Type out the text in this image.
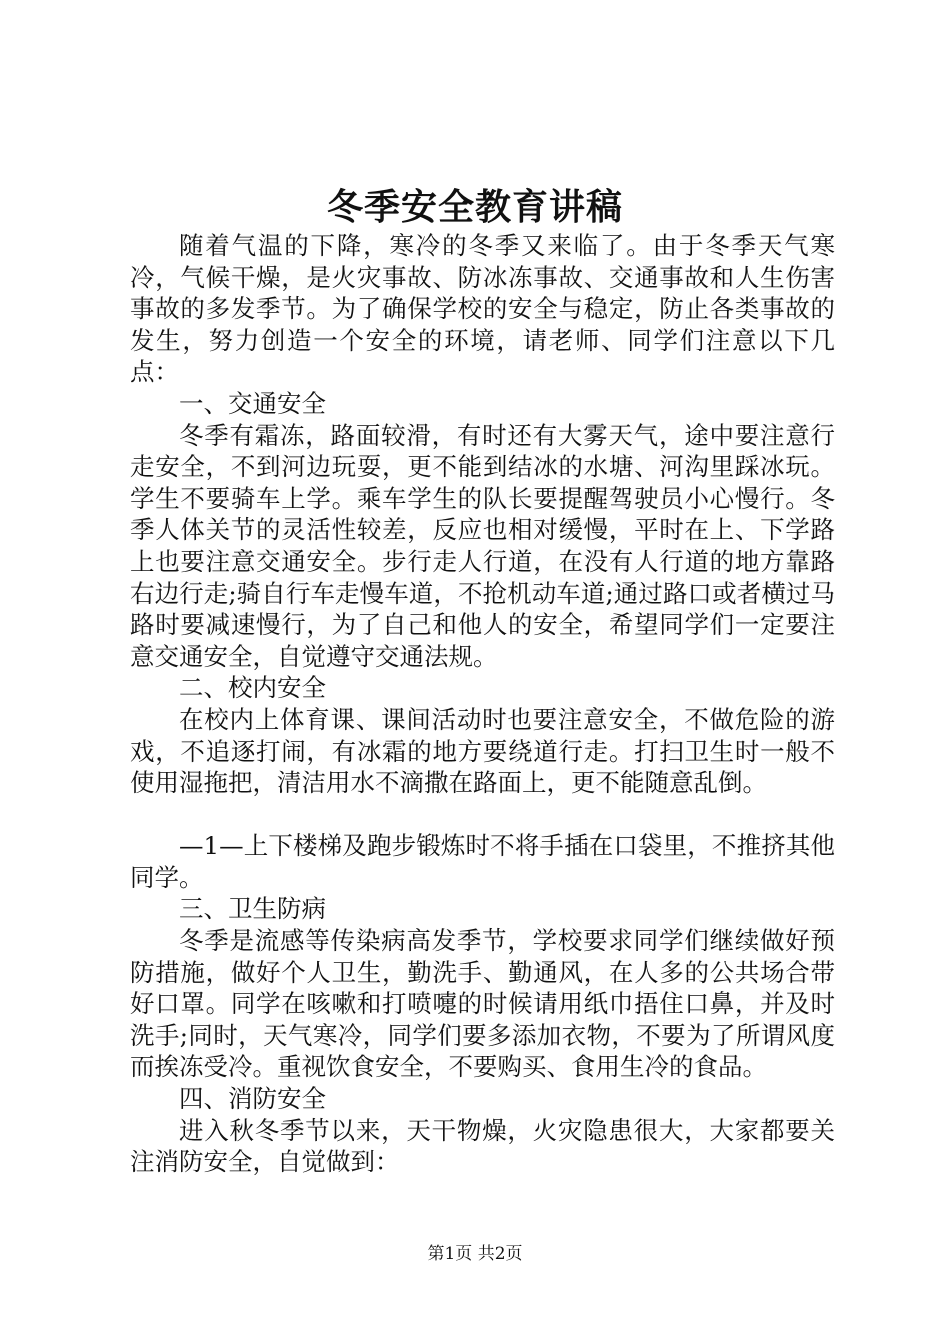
冬季安全教育讲稿

随着气温的下降，寒冷的冬季又来临了。由于冬季天气寒冷，气候干燥，是火灾事故、防冰冻事故、交通事故和人生伤害事故的多发季节。为了确保学校的安全与稳定，防止各类事故的发生，努力创造一个安全的环境，请老师、同学们注意以下几点：

一、交通安全

冬季有霜冻，路面较滑，有时还有大雾天气，途中要注意行走安全，不到河边玩耍，更不能到结冰的水塘、河沟里踩冰玩。学生不要骑车上学。乘车学生的队长要提醒驾驶员小心慢行。冬季人体关节的灵活性较差，反应也相对缓慢，平时在上、下学路上也要注意交通安全。步行走人行道，在没有人行道的地方靠路右边行走;骑自行车走慢车道，不抢机动车道;通过路口或者横过马路时要减速慢行，为了自己和他人的安全，希望同学们一定要注意交通安全，自觉遵守交通法规。

二、校内安全

在校内上体育课、课间活动时也要注意安全，不做危险的游戏，不追逐打闹，有冰霜的地方要绕道行走。打扫卫生时一般不使用湿拖把，清洁用水不滴撒在路面上，更不能随意乱倒。

—1—上下楼梯及跑步锻炼时不将手插在口袋里，不推挤其他同学。

三、卫生防病

冬季是流感等传染病高发季节，学校要求同学们继续做好预防措施，做好个人卫生，勤洗手、勤通风，在人多的公共场合带好口罩。同学在咳嗽和打喷嚏的时候请用纸巾捂住口鼻，并及时洗手;同时，天气寒冷，同学们要多添加衣物，不要为了所谓风度而挨冻受冷。重视饮食安全，不要购买、食用生冷的食品。

四、消防安全

进入秋冬季节以来，天干物燥，火灾隐患很大，大家都要关注消防安全，自觉做到：

第1页 共2页
